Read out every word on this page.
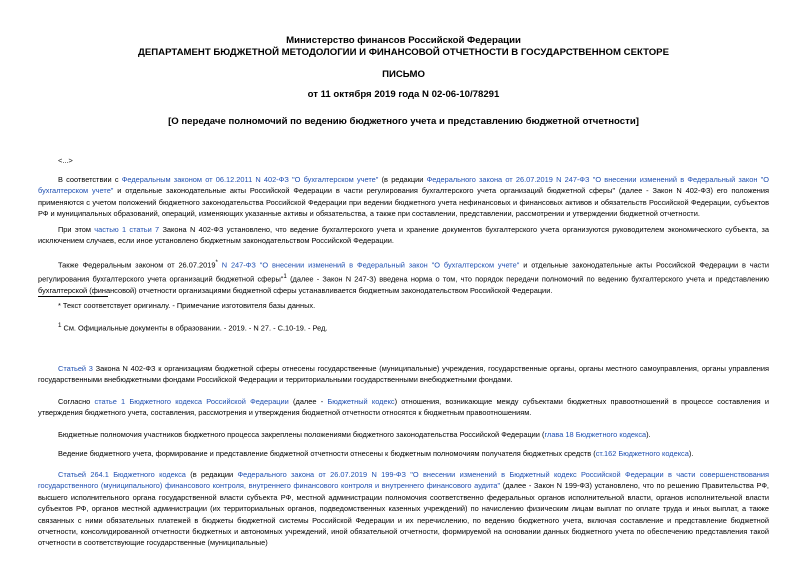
Министерство финансов Российской Федерации
ДЕПАРТАМЕНТ БЮДЖЕТНОЙ МЕТОДОЛОГИИ И ФИНАНСОВОЙ ОТЧЕТНОСТИ В ГОСУДАРСТВЕННОМ СЕКТОРЕ
ПИСЬМО
от 11 октября 2019 года N 02-06-10/78291
[О передаче полномочий по ведению бюджетного учета и представлению бюджетной отчетности]
<...>
В соответствии с Федеральным законом от 06.12.2011 N 402-ФЗ "О бухгалтерском учете" (в редакции Федерального закона от 26.07.2019 N 247-ФЗ "О внесении изменений в Федеральный закон "О бухгалтерском учете" и отдельные законодательные акты Российской Федерации в части регулирования бухгалтерского учета организаций бюджетной сферы" (далее - Закон N 402-ФЗ) его положения применяются с учетом положений бюджетного законодательства Российской Федерации при ведении бюджетного учета нефинансовых и финансовых активов и обязательств Российской Федерации, субъектов РФ и муниципальных образований, операций, изменяющих указанные активы и обязательства, а также при составлении, представлении, рассмотрении и утверждении бюджетной отчетности.
При этом частью 1 статьи 7 Закона N 402-ФЗ установлено, что ведение бухгалтерского учета и хранение документов бухгалтерского учета организуются руководителем экономического субъекта, за исключением случаев, если иное установлено бюджетным законодательством Российской Федерации.
Также Федеральным законом от 26.07.2019* N 247-ФЗ "О внесении изменений в Федеральный закон "О бухгалтерском учете" и отдельные законодательные акты Российской Федерации в части регулирования бухгалтерского учета организаций бюджетной сферы"$^1$ (далее - Закон N 247-З) введена норма о том, что порядок передачи полномочий по ведению бухгалтерского учета и представлению бухгалтерской (финансовой) отчетности организациями бюджетной сферы устанавливается бюджетным законодательством Российской Федерации.
* Текст соответствует оригиналу. - Примечание изготовителя базы данных.
$^1$ См. Официальные документы в образовании. - 2019. - N 27. - С.10-19. - Ред.
Статьей 3 Закона N 402-ФЗ к организациям бюджетной сферы отнесены государственные (муниципальные) учреждения, государственные органы, органы местного самоуправления, органы управления государственными внебюджетными фондами Российской Федерации и территориальными государственными внебюджетными фондами.
Согласно статье 1 Бюджетного кодекса Российской Федерации (далее - Бюджетный кодекс) отношения, возникающие между субъектами бюджетных правоотношений в процессе составления и утверждения бюджетного учета, составления, рассмотрения и утверждения бюджетной отчетности относятся к бюджетным правоотношениям.
Бюджетные полномочия участников бюджетного процесса закреплены положениями бюджетного законодательства Российской Федерации (глава 18 Бюджетного кодекса).
Ведение бюджетного учета, формирование и представление бюджетной отчетности отнесены к бюджетным полномочиям получателя бюджетных средств (ст.162 Бюджетного кодекса).
Статьей 264.1 Бюджетного кодекса (в редакции Федерального закона от 26.07.2019 N 199-ФЗ "О внесении изменений в Бюджетный кодекс Российской Федерации в части совершенствования государственного (муниципального) финансового контроля, внутреннего финансового контроля и внутреннего финансового аудита" (далее - Закон N 199-ФЗ) установлено, что по решению Правительства РФ, высшего исполнительного органа государственной власти субъекта РФ, местной администрации полномочия соответственно федеральных органов исполнительной власти, органов исполнительной власти субъектов РФ, органов местной администрации (их территориальных органов, подведомственных казенных учреждений) по начислению физическим лицам выплат по оплате труда и иных выплат, а также связанных с ними обязательных платежей в бюджеты бюджетной системы Российской Федерации и их перечислению, по ведению бюджетного учета, включая составление и представление бюджетной отчетности, консолидированной отчетности бюджетных и автономных учреждений, иной обязательной отчетности, формируемой на основании данных бюджетного учета по обеспечению представления такой отчетности в соответствующие государственные (муниципальные)
